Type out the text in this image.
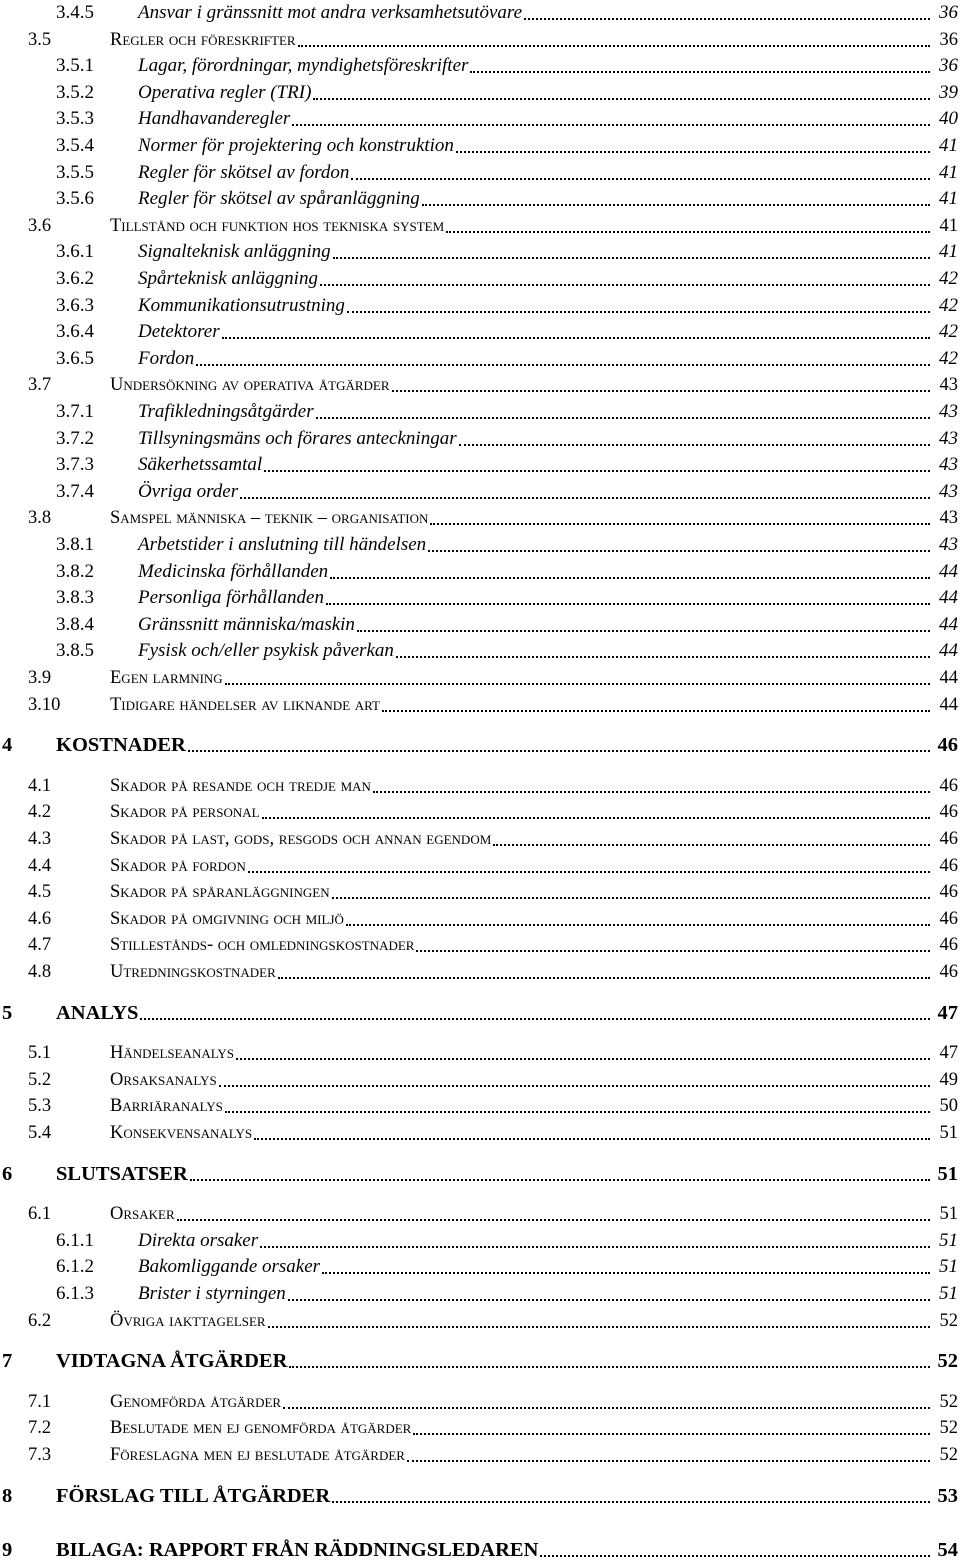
3.4.5 Ansvar i gränssnitt mot andra verksamhetsutövare	36
3.5	Regler och föreskrifter	36
3.5.1 Lagar, förordningar, myndighetsföreskrifter	36
3.5.2 Operativa regler (TRI)	39
3.5.3 Handhavanderegler	40
3.5.4 Normer för projektering och konstruktion	41
3.5.5 Regler för skötsel av fordon	41
3.5.6 Regler för skötsel av spåranläggning	41
3.6	Tillstånd och funktion hos tekniska system	41
3.6.1 Signalteknisk anläggning	41
3.6.2 Spårteknisk anläggning	42
3.6.3 Kommunikationsutrustning	42
3.6.4 Detektorer	42
3.6.5 Fordon	42
3.7	Undersökning av operativa åtgärder	43
3.7.1 Trafikledningsåtgärder	43
3.7.2 Tillsyningsmäns och förares anteckningar	43
3.7.3 Säkerhetssamtal	43
3.7.4 Övriga order	43
3.8	Samspel människa – teknik – organisation	43
3.8.1 Arbetstider i anslutning till händelsen	43
3.8.2 Medicinska förhållanden	44
3.8.3 Personliga förhållanden	44
3.8.4 Gränssnitt människa/maskin	44
3.8.5 Fysisk och/eller psykisk påverkan	44
3.9	Egen larmning	44
3.10	Tidigare händelser av liknande art	44
4 KOSTNADER	46
4.1	Skador på resande och tredje man	46
4.2	Skador på personal	46
4.3	Skador på last, gods, resgods och annan egendom	46
4.4	Skador på fordon	46
4.5	Skador på spåranläggningen	46
4.6	Skador på omgivning och miljö	46
4.7	Stillestånds- och omledningskostnader	46
4.8	Utredningskostnader	46
5 ANALYS	47
5.1	Händelseanalys	47
5.2	Orsaksanalys	49
5.3	Barriäranalys	50
5.4	Konsekvensanalys	51
6 SLUTSATSER	51
6.1	Orsaker	51
6.1.1 Direkta orsaker	51
6.1.2 Bakomliggande orsaker	51
6.1.3 Brister i styrningen	51
6.2	Övriga iakttagelser	52
7 VIDTAGNA ÅTGÄRDER	52
7.1	Genomförda åtgärder	52
7.2	Beslutade men ej genomförda åtgärder	52
7.3	Föreslagna men ej beslutade åtgärder	52
8 FÖRSLAG TILL ÅTGÄRDER	53
9 BILAGA: RAPPORT FRÅN RÄDDNINGSLEDAREN	54
